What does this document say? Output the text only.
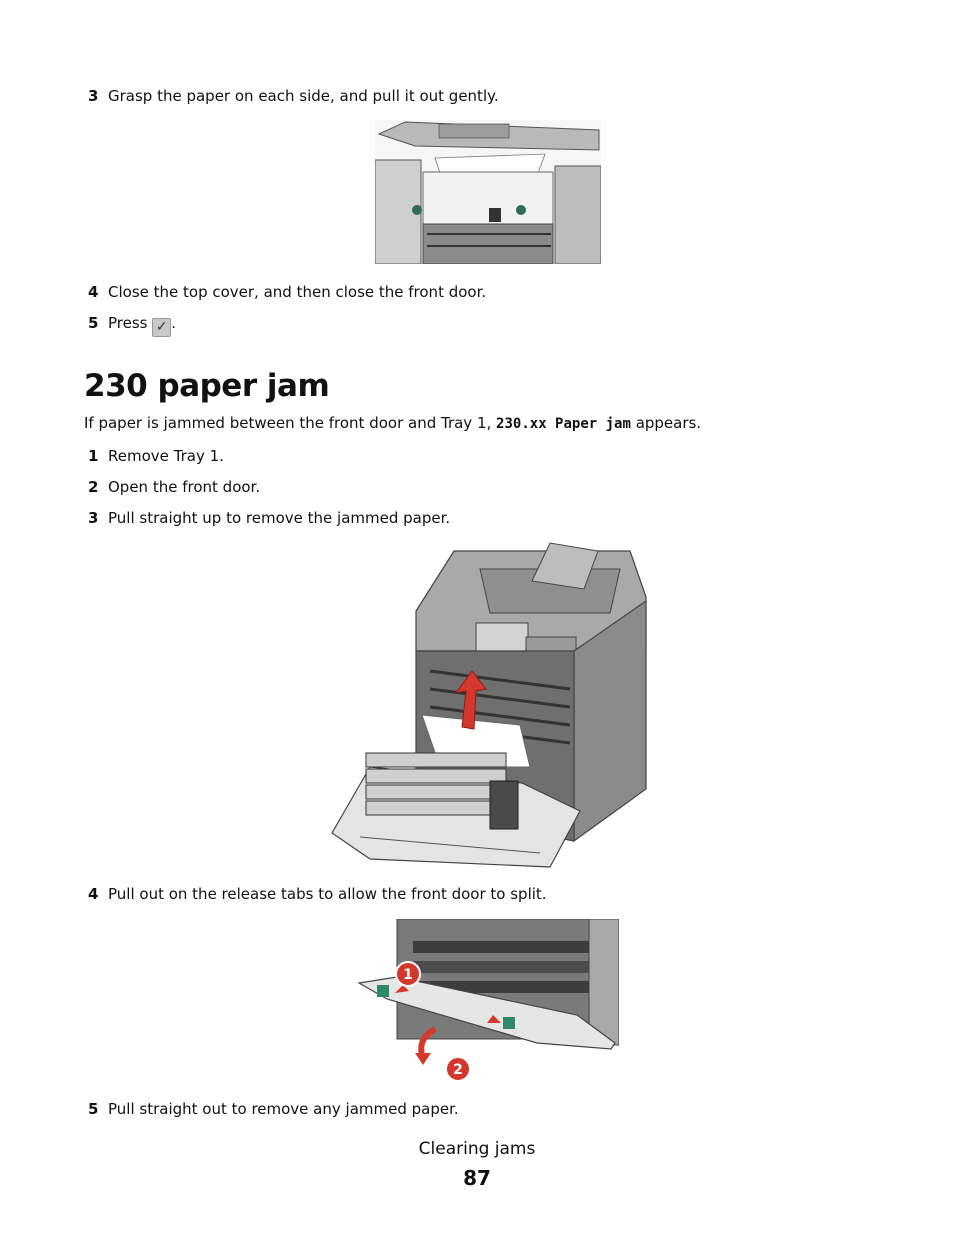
3 Grasp the paper on each side, and pull it out gently.
4 Close the top cover, and then close the front door.
5 Press ✓ .
230 paper jam
If paper is jammed between the front door and Tray 1, 230.xx Paper jam appears.
1 Remove Tray 1.
2 Open the front door.
3 Pull straight up to remove the jammed paper.
4 Pull out on the release tabs to allow the front door to split.
1
2
5 Pull straight out to remove any jammed paper.
Clearing jams
87
